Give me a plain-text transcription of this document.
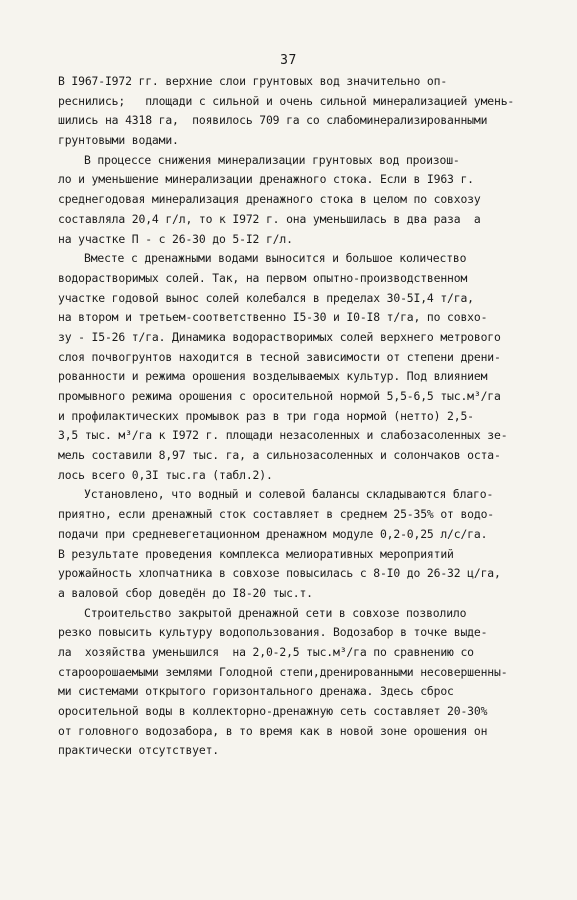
37
В I967-I972 гг. верхние слои грунтовых вод значительно оп-
реснились;   площади с сильной и очень сильной минерализацией умень-
шились на 4318 га,  появилось 709 га со слабоминерализированными
грунтовыми водами.
В процессе снижения минерализации грунтовых вод произош-
ло и уменьшение минерализации дренажного стока. Если в I963 г.
среднегодовая минерализация дренажного стока в целом по совхозу
составляла 20,4 г/л, то к I972 г. она уменьшилась в два раза  а
на участке П - с 26-30 до 5-I2 г/л.
Вместе с дренажными водами выносится и большое количество
водорастворимых солей. Так, на первом опытно-производственном
участке годовой вынос солей колебался в пределах 30-5I,4 т/га,
на втором и третьем-соответственно I5-30 и I0-I8 т/га, по совхо-
зу - I5-26 т/га. Динамика водорастворимых солей верхнего метрового
слоя почвогрунтов находится в тесной зависимости от степени дрени-
рованности и режима орошения возделываемых культур. Под влиянием
промывного режима орошения с оросительной нормой 5,5-6,5 тыс.м³/га
и профилактических промывок раз в три года нормой (нетто) 2,5-
3,5 тыс. м³/га к I972 г. площади незасоленных и слабозасоленных зе-
мель составили 8,97 тыс. га, а сильнозасоленных и солончаков оста-
лось всего 0,3I тыс.га (табл.2).
Установлено, что водный и солевой балансы складываются благо-
приятно, если дренажный сток составляет в среднем 25-35% от водо-
подачи при средневегетационном дренажном модуле 0,2-0,25 л/с/га.
В результате проведения комплекса мелиоративных мероприятий
урожайность хлопчатника в совхозе повысилась с 8-I0 до 26-32 ц/га,
а валовой сбор доведён до I8-20 тыс.т.
Строительство закрытой дренажной сети в совхозе позволило
резко повысить культуру водопользования. Водозабор в точке выде-
ла  хозяйства уменьшился  на 2,0-2,5 тыс.м³/га по сравнению со
староорошаемыми землями Голодной степи,дренированными несовершенны-
ми системами открытого горизонтального дренажа. Здесь сброс
оросительной воды в коллекторно-дренажную сеть составляет 20-30%
от головного водозабора, в то время как в новой зоне орошения он
практически отсутствует.
